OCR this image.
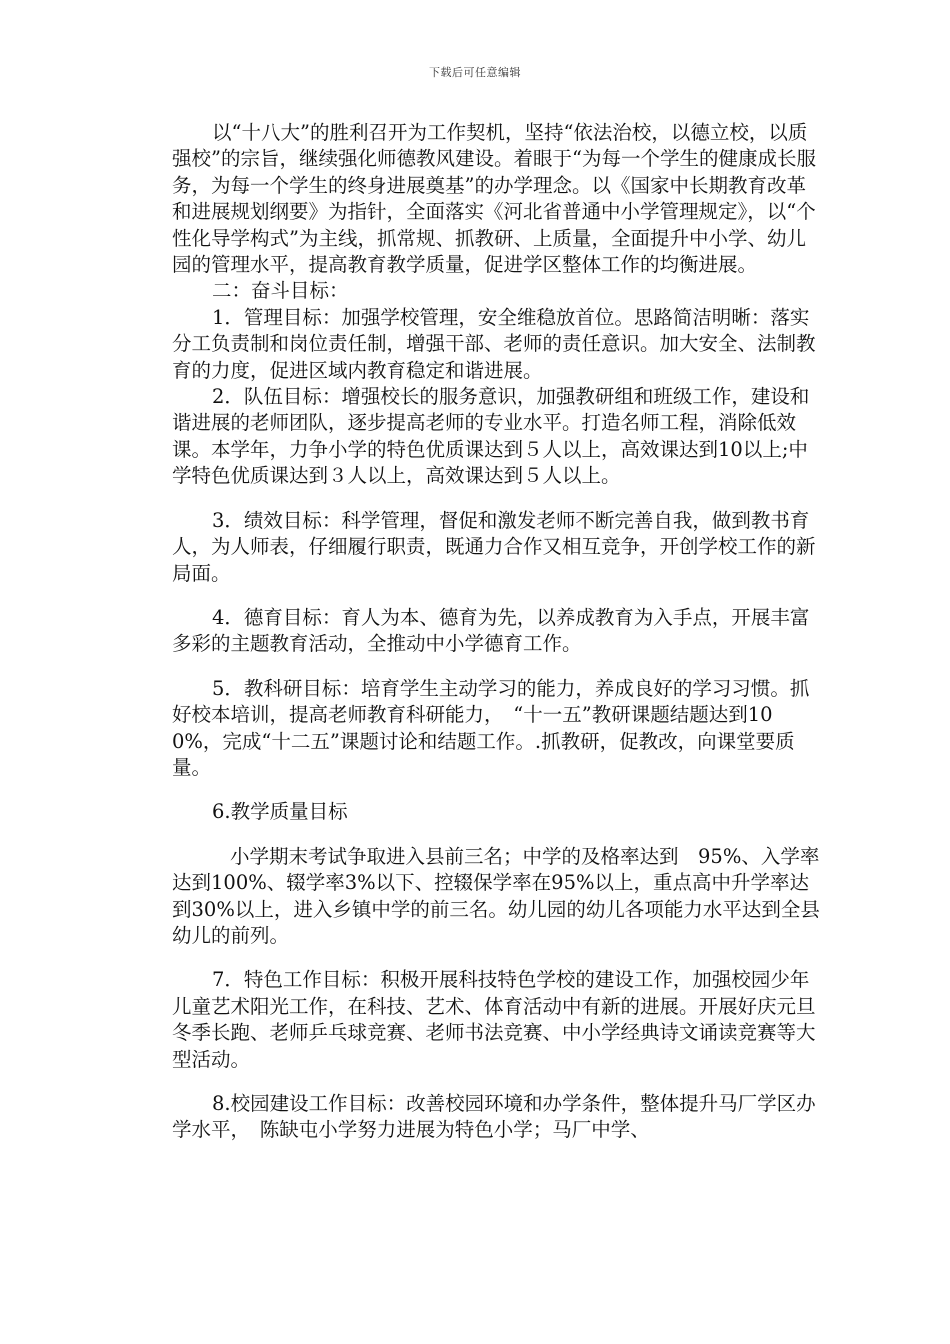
下载后可任意编辑

以“十八大”的胜利召开为工作契机，坚持“依法治校，以德立校，以质强校”的宗旨，继续强化师德教风建设。着眼于“为每一个学生的健康成长服务，为每一个学生的终身进展奠基”的办学理念。以《国家中长期教育改革和进展规划纲要》为指针，全面落实《河北省普通中小学管理规定》，以“个性化导学构式”为主线，抓常规、抓教研、上质量，全面提升中小学、幼儿园的管理水平，提高教育教学质量，促进学区整体工作的均衡进展。

二：奋斗目标：

1．管理目标：加强学校管理，安全维稳放首位。思路简洁明晰：落实分工负责制和岗位责任制，增强干部、老师的责任意识。加大安全、法制教育的力度，促进区域内教育稳定和谐进展。

2．队伍目标：增强校长的服务意识，加强教研组和班级工作，建设和谐进展的老师团队，逐步提高老师的专业水平。打造名师工程，消除低效课。本学年，力争小学的特色优质课达到５人以上，高效课达到10以上;中学特色优质课达到３人以上，高效课达到５人以上。

3．绩效目标：科学管理，督促和激发老师不断完善自我，做到教书育人，为人师表，仔细履行职责，既通力合作又相互竞争，开创学校工作的新局面。

4．德育目标：育人为本、德育为先，以养成教育为入手点，开展丰富多彩的主题教育活动，全推动中小学德育工作。

5．教科研目标：培育学生主动学习的能力，养成良好的学习习惯。抓好校本培训，提高老师教育科研能力，　“十一五”教研课题结题达到100%，完成“十二五”课题讨论和结题工作。.抓教研，促教改，向课堂要质量。

6.教学质量目标

小学期末考试争取进入县前三名；中学的及格率达到　95%、入学率达到100%、辍学率3%以下、控辍保学率在95%以上，重点高中升学率达到30%以上，进入乡镇中学的前三名。幼儿园的幼儿各项能力水平达到全县幼儿的前列。

7．特色工作目标：积极开展科技特色学校的建设工作，加强校园少年儿童艺术阳光工作，在科技、艺术、体育活动中有新的进展。开展好庆元旦冬季长跑、老师乒乓球竞赛、老师书法竞赛、中小学经典诗文诵读竞赛等大型活动。

8.校园建设工作目标：改善校园环境和办学条件，整体提升马厂学区办学水平，　陈缺屯小学努力进展为特色小学；马厂中学、
